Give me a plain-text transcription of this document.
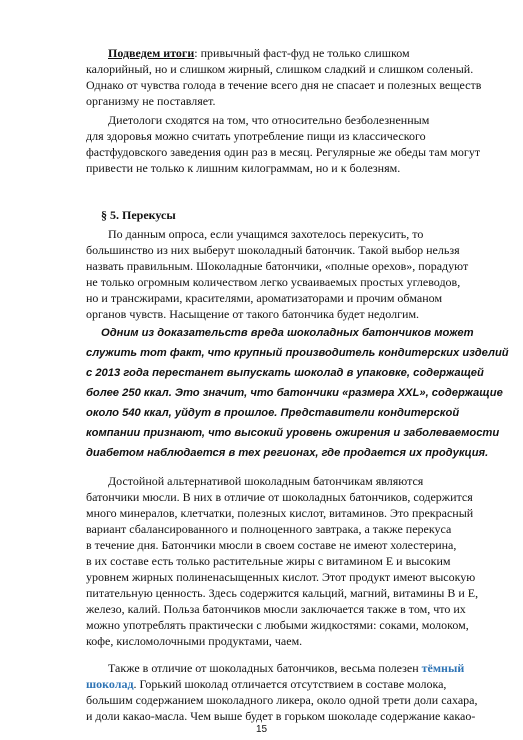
Подведем итоги: привычный фаст-фуд не только слишком
калорийный, но и слишком жирный, слишком сладкий и слишком соленый.
Однако от чувства голода в течение всего дня не спасает и полезных веществ
организму не поставляет.
Диетологи сходятся на том, что относительно безболезненным
для здоровья можно считать употребление пищи из классического
фастфудовского заведения один раз в месяц. Регулярные же обеды там могут
привести не только к лишним килограммам, но и к болезням.
§ 5. Перекусы
По данным опроса, если учащимся захотелось перекусить, то
большинство из них выберут шоколадный батончик. Такой выбор нельзя
назвать правильным. Шоколадные батончики, «полные орехов», порадуют
не только огромным количеством легко усваиваемых простых углеводов,
но и трансжирами, красителями, ароматизаторами и прочим обманом
органов чувств. Насыщение от такого батончика будет недолгим.
Одним из доказательств вреда шоколадных батончиков может
служить тот факт, что крупный производитель кондитерских изделий
с 2013 года перестанет выпускать шоколад в упаковке, содержащей
более 250 ккал. Это значит, что батончики «размера XXL», содержащие
около 540 ккал, уйдут в прошлое. Представители кондитерской
компании признают, что высокий уровень ожирения и заболеваемости
диабетом наблюдается в тех регионах, где продается их продукция.
Достойной альтернативой шоколадным батончикам являются
батончики мюсли. В них в отличие от шоколадных батончиков, содержится
много минералов, клетчатки, полезных кислот, витаминов. Это прекрасный
вариант сбалансированного и полноценного завтрака, а также перекуса
в течение дня. Батончики мюсли в своем составе не имеют холестерина,
в их составе есть только растительные жиры с витамином Е и высоким
уровнем жирных полиненасыщенных кислот. Этот продукт имеют высокую
питательную ценность. Здесь содержится кальций, магний, витамины В и Е,
железо, калий. Польза батончиков мюсли заключается также в том, что их
можно употреблять практически с любыми жидкостями: соками, молоком,
кофе, кисломолочными продуктами, чаем.
Также в отличие от шоколадных батончиков, весьма полезен тёмный
шоколад. Горький шоколад отличается отсутствием в составе молока,
большим содержанием шоколадного ликера, около одной трети доли сахара,
и доли какао-масла. Чем выше будет в горьком шоколаде содержание какао-
15
